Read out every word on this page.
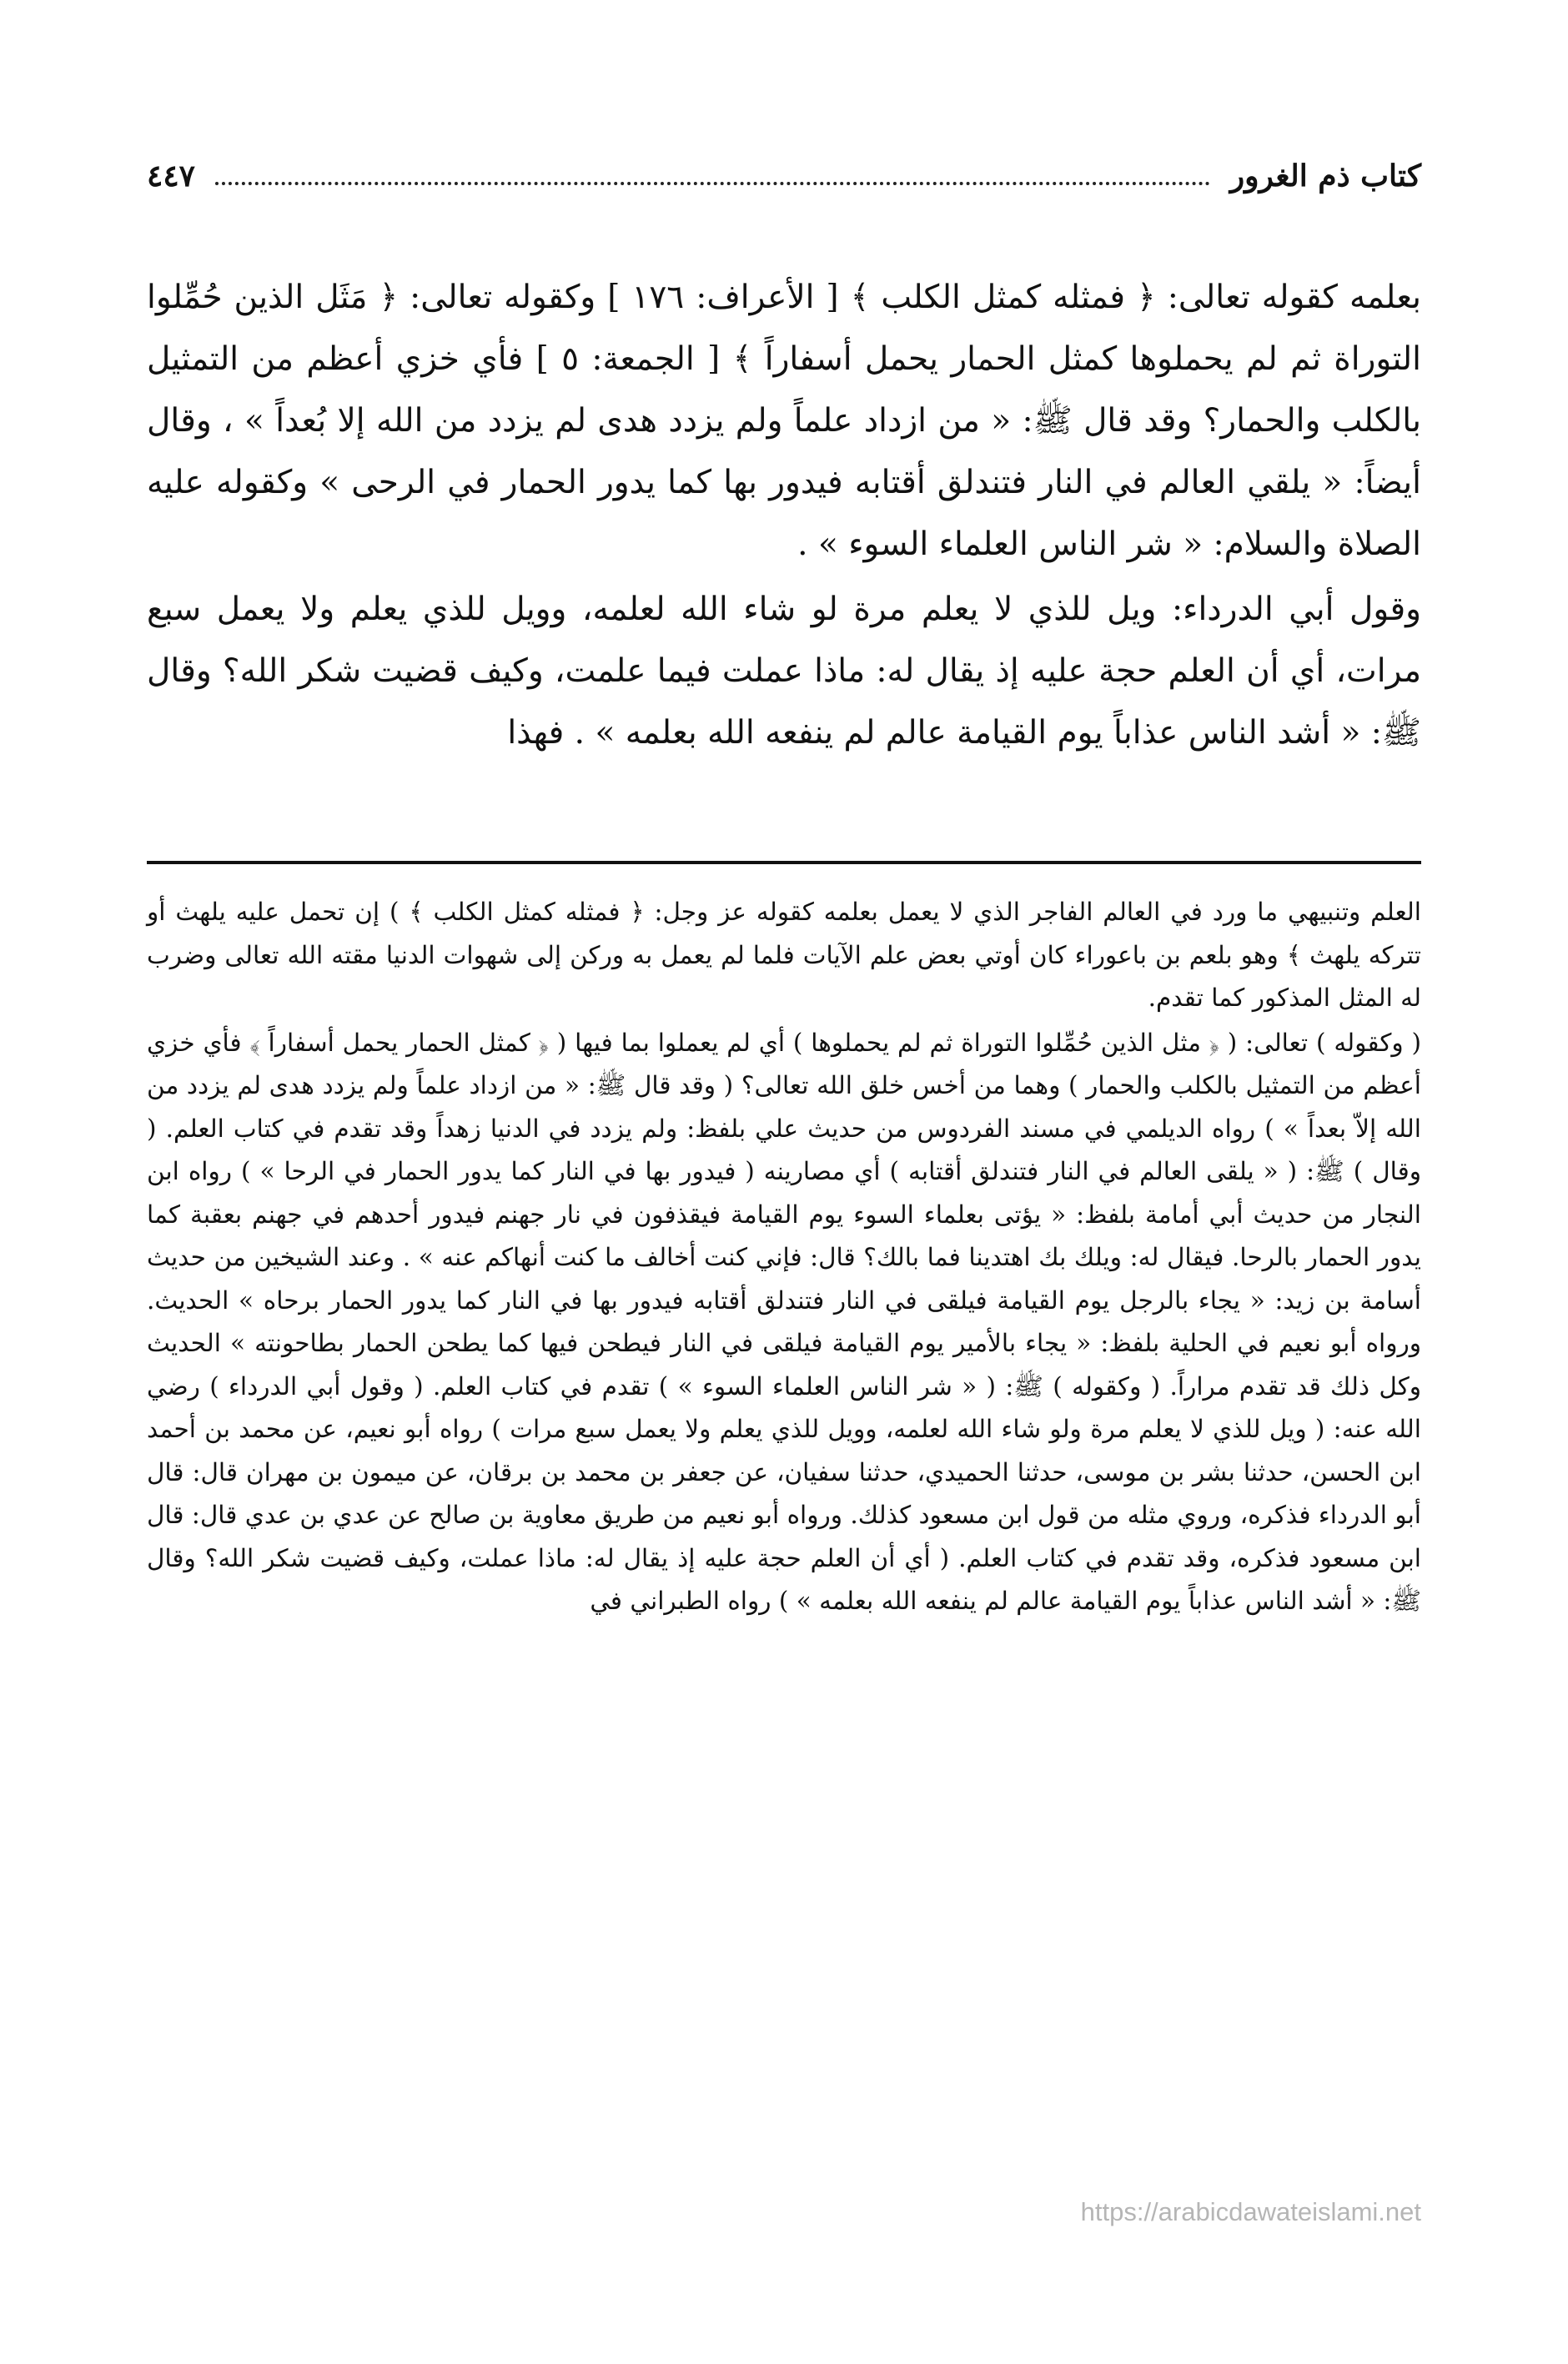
كتاب ذم الغرور
٤٤٧

بعلمه كقوله تعالى: ﴿ فمثله كمثل الكلب ﴾ [ الأعراف: ١٧٦ ] وكقوله تعالى: ﴿ مَثَل الذين حُمِّلوا التوراة ثم لم يحملوها كمثل الحمار يحمل أسفاراً ﴾ [ الجمعة: ٥ ] فأي خزي أعظم من التمثيل بالكلب والحمار؟ وقد قال ﷺ: « من ازداد علماً ولم يزدد هدى لم يزدد من الله إلا بُعداً » ، وقال أيضاً: « يلقي العالم في النار فتندلق أقتابه فيدور بها كما يدور الحمار في الرحى » وكقوله عليه الصلاة والسلام: « شر الناس العلماء السوء » .

وقول أبي الدرداء: ويل للذي لا يعلم مرة لو شاء الله لعلمه، وويل للذي يعلم ولا يعمل سبع مرات، أي أن العلم حجة عليه إذ يقال له: ماذا عملت فيما علمت، وكيف قضيت شكر الله؟ وقال ﷺ: « أشد الناس عذاباً يوم القيامة عالم لم ينفعه الله بعلمه » . فهذا

العلم وتنبيهي ما ورد في العالم الفاجر الذي لا يعمل بعلمه كقوله عز وجل: ﴿ فمثله كمثل الكلب ﴾ ) إن تحمل عليه يلهث أو تتركه يلهث ﴾ وهو بلعم بن باعوراء كان أوتي بعض علم الآيات فلما لم يعمل به وركن إلى شهوات الدنيا مقته الله تعالى وضرب له المثل المذكور كما تقدم.

( وكقوله ) تعالى: ( ﴿ مثل الذين حُمِّلوا التوراة ثم لم يحملوها ) أي لم يعملوا بما فيها ( ﴿ كمثل الحمار يحمل أسفاراً ﴾ فأي خزي أعظم من التمثيل بالكلب والحمار ) وهما من أخس خلق الله تعالى؟ ( وقد قال ﷺ: « من ازداد علماً ولم يزدد هدى لم يزدد من الله إلاّ بعداً » ) رواه الديلمي في مسند الفردوس من حديث علي بلفظ: ولم يزدد في الدنيا زهداً وقد تقدم في كتاب العلم. ( وقال ) ﷺ: ( « يلقى العالم في النار فتندلق أقتابه ) أي مصارينه ( فيدور بها في النار كما يدور الحمار في الرحا » ) رواه ابن النجار من حديث أبي أمامة بلفظ: « يؤتى بعلماء السوء يوم القيامة فيقذفون في نار جهنم فيدور أحدهم في جهنم بعقبة كما يدور الحمار بالرحا. فيقال له: ويلك بك اهتدينا فما بالك؟ قال: فإني كنت أخالف ما كنت أنهاكم عنه » . وعند الشيخين من حديث أسامة بن زيد: « يجاء بالرجل يوم القيامة فيلقى في النار فتندلق أقتابه فيدور بها في النار كما يدور الحمار برحاه » الحديث. ورواه أبو نعيم في الحلية بلفظ: « يجاء بالأمير يوم القيامة فيلقى في النار فيطحن فيها كما يطحن الحمار بطاحونته » الحديث وكل ذلك قد تقدم مراراً. ( وكقوله ) ﷺ: ( « شر الناس العلماء السوء » ) تقدم في كتاب العلم. ( وقول أبي الدرداء ) رضي الله عنه: ( ويل للذي لا يعلم مرة ولو شاء الله لعلمه، وويل للذي يعلم ولا يعمل سبع مرات ) رواه أبو نعيم، عن محمد بن أحمد ابن الحسن، حدثنا بشر بن موسى، حدثنا الحميدي، حدثنا سفيان، عن جعفر بن محمد بن برقان، عن ميمون بن مهران قال: قال أبو الدرداء فذكره، وروي مثله من قول ابن مسعود كذلك. ورواه أبو نعيم من طريق معاوية بن صالح عن عدي بن عدي قال: قال ابن مسعود فذكره، وقد تقدم في كتاب العلم. ( أي أن العلم حجة عليه إذ يقال له: ماذا عملت، وكيف قضيت شكر الله؟ وقال ﷺ: « أشد الناس عذاباً يوم القيامة عالم لم ينفعه الله بعلمه » ) رواه الطبراني في

https://arabicdawateislami.net
